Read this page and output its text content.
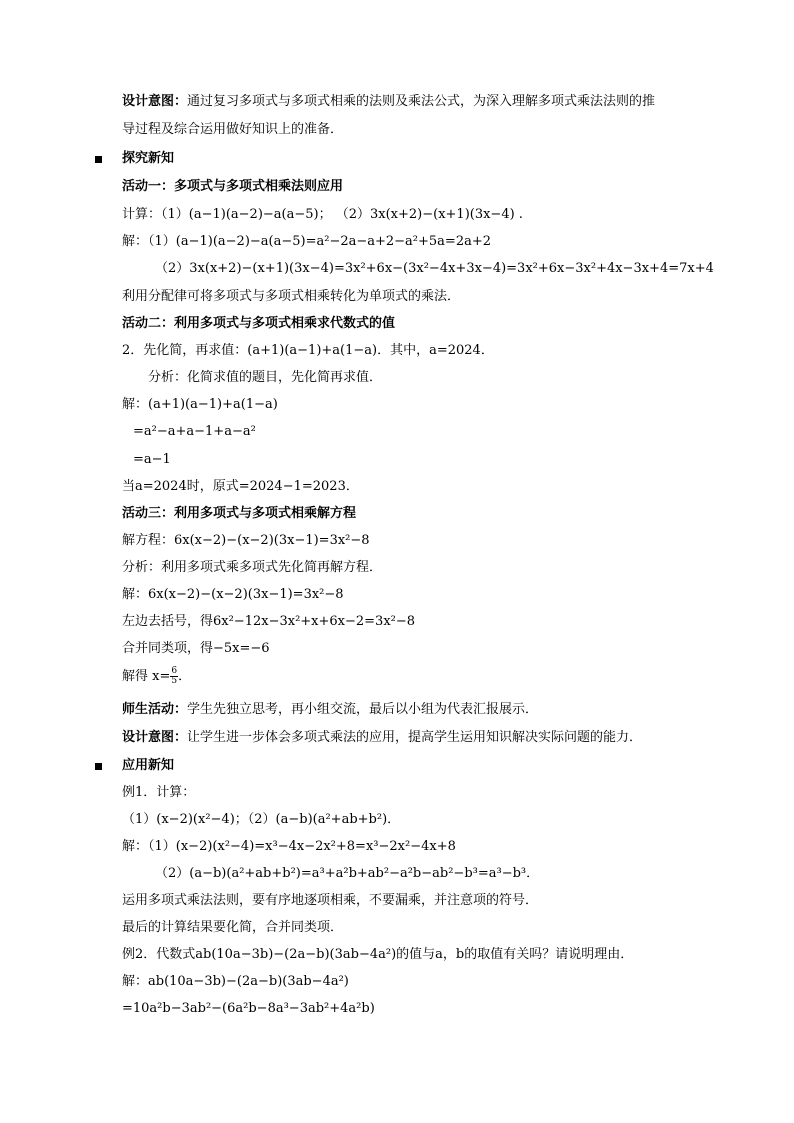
设计意图：通过复习多项式与多项式相乘的法则及乘法公式，为深入理解多项式乘法法则的推
导过程及综合运用做好知识上的准备．
探究新知
活动一：多项式与多项式相乘法则应用
计算：（1）(a−1)(a−2)−a(a−5)； （2）3x(x+2)−(x+1)(3x−4) .
解：（1）(a−1)(a−2)−a(a−5)=a²−2a−a+2−a²+5a=2a+2
（2）3x(x+2)−(x+1)(3x−4)=3x²+6x−(3x²−4x+3x−4)=3x²+6x−3x²+4x−3x+4=7x+4
利用分配律可将多项式与多项式相乘转化为单项式的乘法．
活动二：利用多项式与多项式相乘求代数式的值
2．先化简，再求值：(a+1)(a−1)+a(1−a)．其中，a=2024．
分析：化简求值的题目，先化简再求值．
解：(a+1)(a−1)+a(1−a)
=a²−a+a−1+a−a²
=a−1
当a=2024时，原式=2024−1=2023．
活动三：利用多项式与多项式相乘解方程
解方程：6x(x−2)−(x−2)(3x−1)=3x²−8
分析：利用多项式乘多项式先化简再解方程．
解：6x(x−2)−(x−2)(3x−1)=3x²−8
左边去括号，得6x²−12x−3x²+x+6x−2=3x²−8
合并同类项，得−5x=−6
解得 $x= \frac{6}{5}$ ．
师生活动：学生先独立思考，再小组交流，最后以小组为代表汇报展示．
设计意图：让学生进一步体会多项式乘法的应用，提高学生运用知识解决实际问题的能力．
应用新知
例1．计算：
（1）(x−2)(x²−4)；（2）(a−b)(a²+ab+b²)．
解：（1）(x−2)(x²−4)=x³−4x−2x²+8=x³−2x²−4x+8
（2）(a−b)(a²+ab+b²)=a³+a²b+ab²−a²b−ab²−b³=a³−b³．
运用多项式乘法法则，要有序地逐项相乘，不要漏乘，并注意项的符号．
最后的计算结果要化简，合并同类项．
例2．代数式ab(10a−3b)−(2a−b)(3ab−4a²)的值与a，b的取值有关吗？请说明理由．
解：ab(10a−3b)−(2a−b)(3ab−4a²)
=10a²b−3ab²−(6a²b−8a³−3ab²+4a²b)
